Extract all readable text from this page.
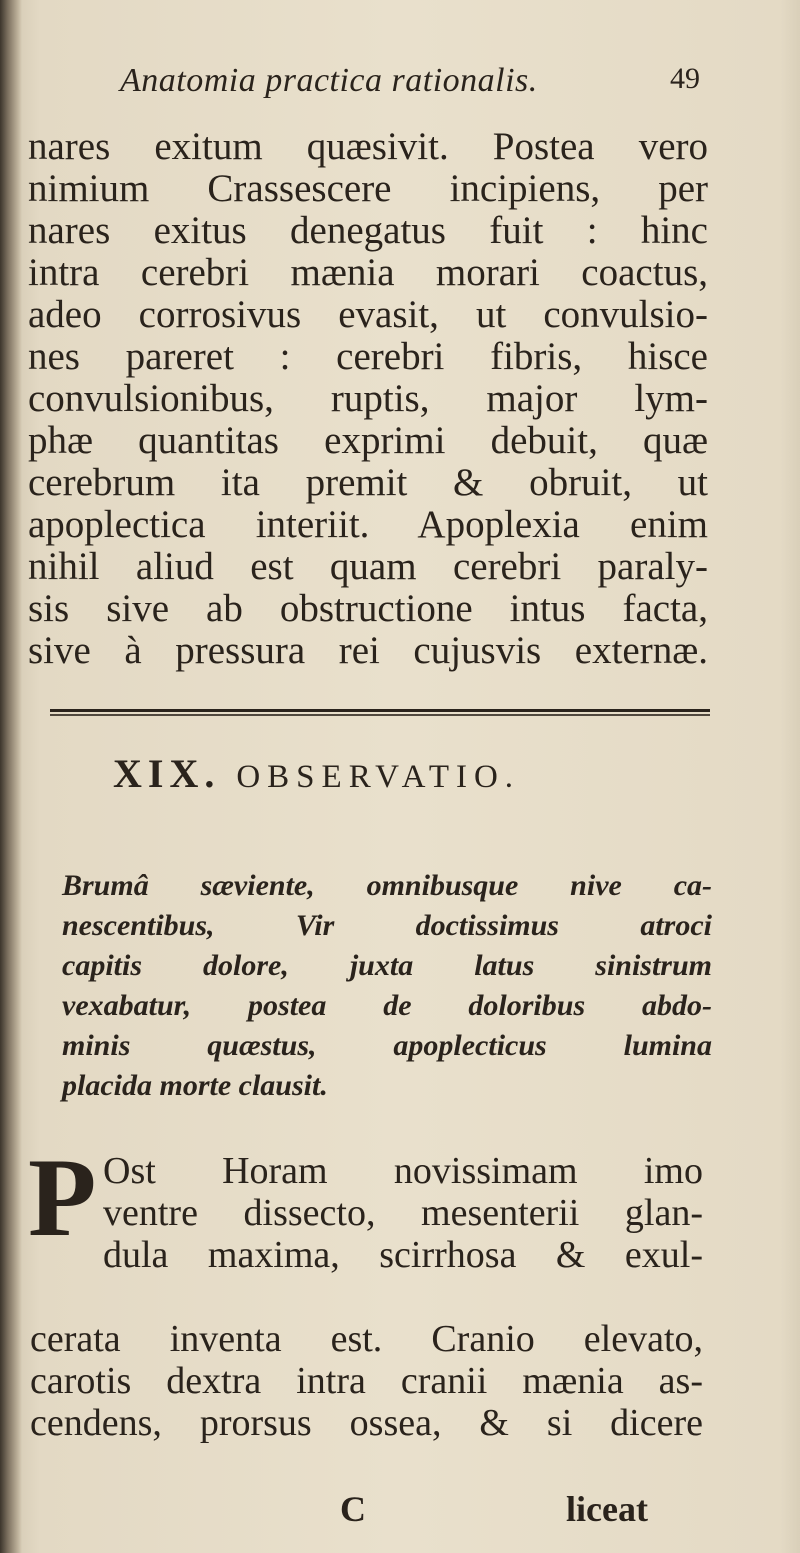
Anatomia practica rationalis.	49
nares exitum quæsivit. Postea vero
nimium Crassescere incipiens, per
nares exitus denegatus fuit : hinc
intra cerebri mænia morari coactus,
adeo corrosivus evasit, ut convulsio-
nes pareret : cerebri fibris, hisce
convulsionibus, ruptis, major lym-
phæ quantitas exprimi debuit, quæ
cerebrum ita premit & obruit, ut
apoplectica interiit. Apoplexia enim
nihil aliud est quam cerebri paraly-
sis sive ab obstructione intus facta,
sive à pressura rei cujusvis externæ.
XIX. OBSERVATIO.
Brumâ sæviente, omnibusque nive ca-
nescentibus, Vir doctissimus atroci
capitis dolore, juxta latus sinistrum
vexabatur, postea de doloribus abdo-
minis quæstus, apoplecticus lumina
placida morte clausit.
P Ost Horam novissimam imo
ventre dissecto, mesenterii glan-
dula maxima, scirrhosa & exul-
cerata inventa est. Cranio elevato,
carotis dextra intra cranii mænia as-
cendens, prorsus ossea, & si dicere
C	liceat
